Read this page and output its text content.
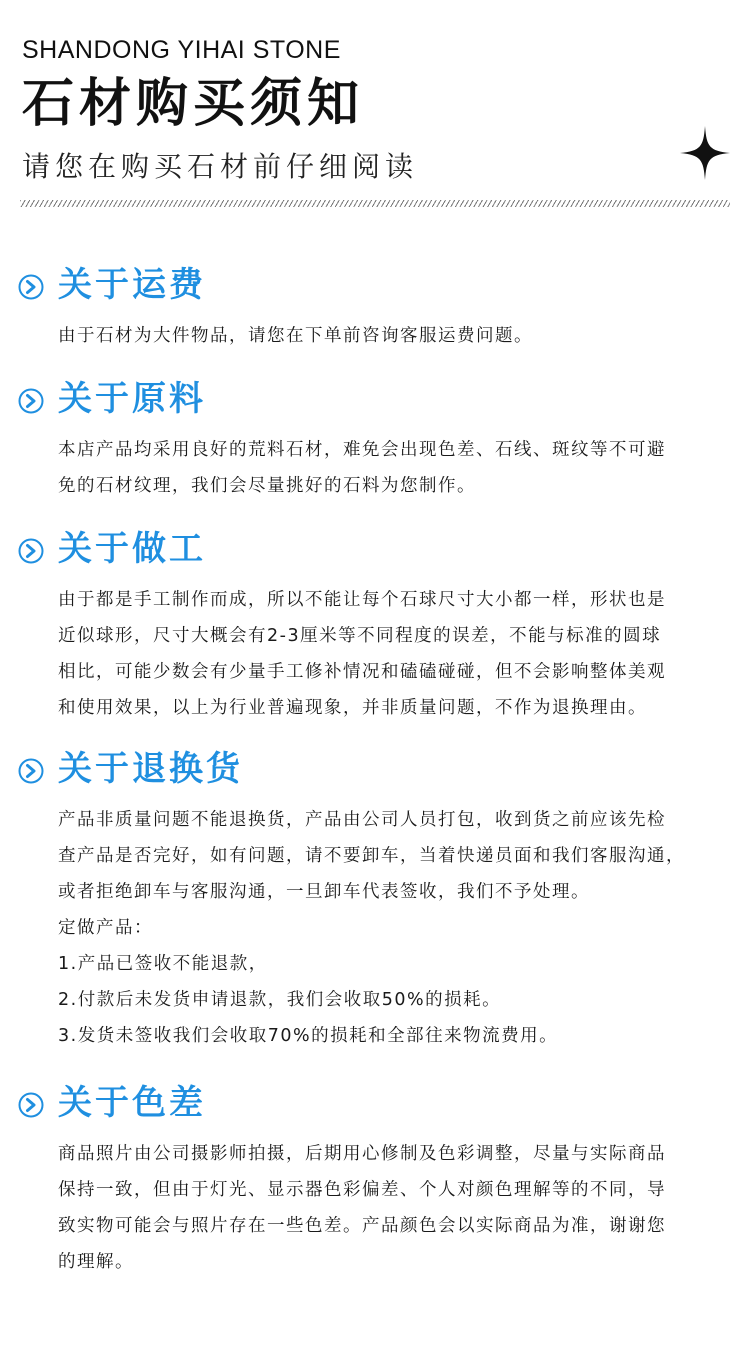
SHANDONG YIHAI STONE
石材购买须知
请您在购买石材前仔细阅读
关于运费
由于石材为大件物品，请您在下单前咨询客服运费问题。
关于原料
本店产品均采用良好的荒料石材，难免会出现色差、石线、斑纹等不可避
免的石材纹理，我们会尽量挑好的石料为您制作。
关于做工
由于都是手工制作而成，所以不能让每个石球尺寸大小都一样，形状也是
近似球形，尺寸大概会有2-3厘米等不同程度的误差，不能与标准的圆球
相比，可能少数会有少量手工修补情况和磕磕碰碰，但不会影响整体美观
和使用效果，以上为行业普遍现象，并非质量问题，不作为退换理由。
关于退换货
产品非质量问题不能退换货，产品由公司人员打包，收到货之前应该先检
查产品是否完好，如有问题，请不要卸车，当着快递员面和我们客服沟通，
或者拒绝卸车与客服沟通，一旦卸车代表签收，我们不予处理。
定做产品：
1.产品已签收不能退款，
2.付款后未发货申请退款，我们会收取50%的损耗。
3.发货未签收我们会收取70%的损耗和全部往来物流费用。
关于色差
商品照片由公司摄影师拍摄，后期用心修制及色彩调整，尽量与实际商品
保持一致，但由于灯光、显示器色彩偏差、个人对颜色理解等的不同，导
致实物可能会与照片存在一些色差。产品颜色会以实际商品为准，谢谢您
的理解。
